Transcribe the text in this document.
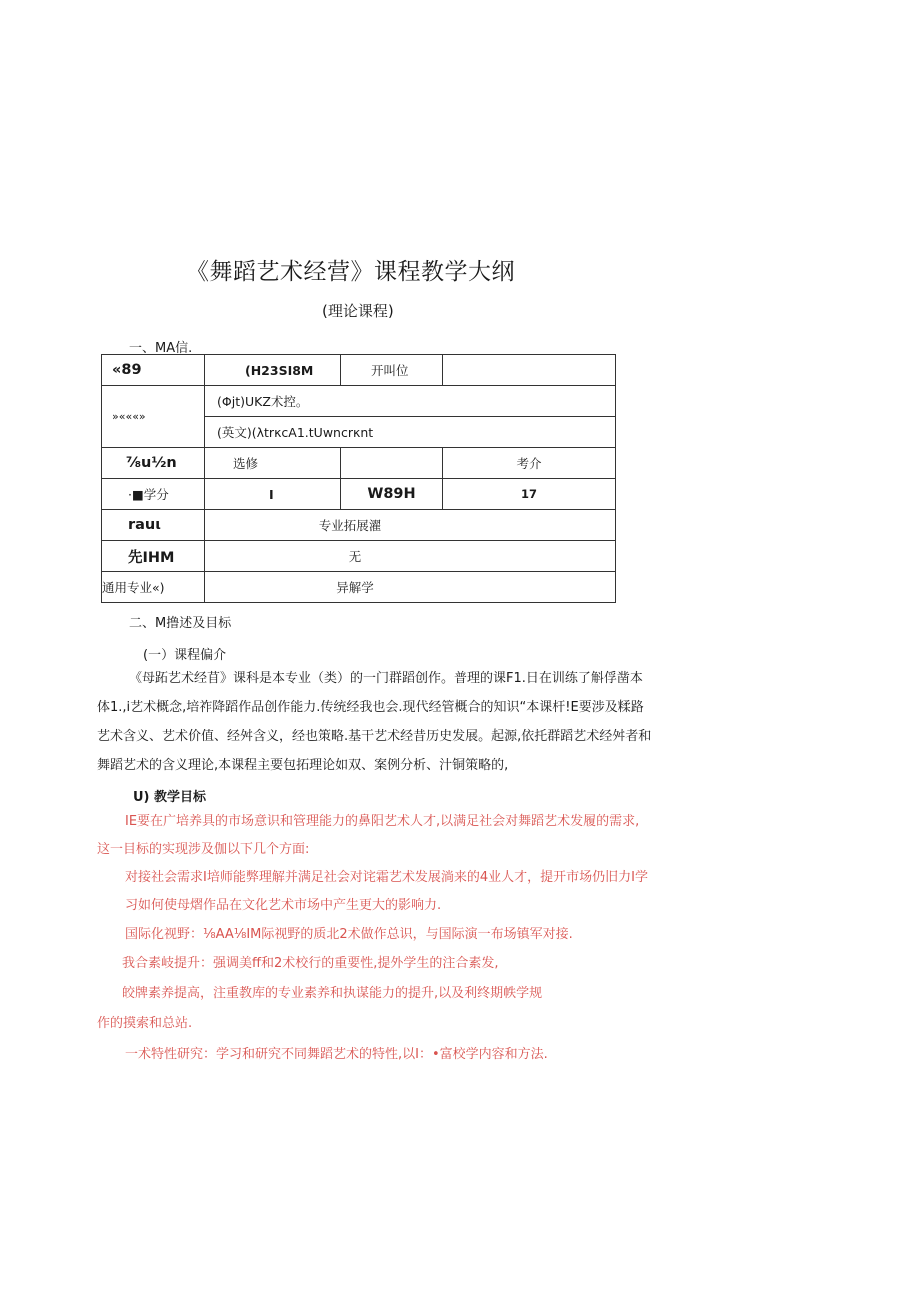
《舞蹈艺术经营》课程教学大纲
(理论课程)
一、MA信.
«89	(H23SI8M	开叫位	
»«««»	(Φjt)UKZ术控。		
	(英文)(λtrκcA1.tUwncrκnt		
⅞u½n	选修		考介
·■学分	I	W89H	17
rauι	专业拓展濯		
先IHM	无		
通用专业«)	异解学		
二、M撸述及目标
(一）课程偏介
《母跖艺术经苜》课科是本专业（类）的一门群蹈创作。普理的课F1.日在训练了斛俘凿本
体1.,i艺术概念,培祚降蹈作品创作能力.传统经我也会.现代经管概合的知识“本课杆!E要涉及糅路
艺术含义、艺术价值、经舛含义，经也策略.基干艺术经昔历史发展。起源,依托群蹈艺术经舛者和
舞蹈艺术的含义理论,本课程主要包拓理论如双、案例分析、汁铜策略的,
U) 教学目标
IE要在广培养具的市场意识和管理能力的鼻阳艺术人才,以满足社会对舞蹈艺术发履的需求,
这一目标的实现涉及伽以下几个方面:
对接社会需求I培师能弊理解并满足社会对诧霜艺术发展淌来的4业人才，提开市场仍旧力I学
习如何使母熠作品在文化艺术市场中产生更大的影响力.
国际化视野：⅛AA⅛IM际视野的质北2术做作总识，与国际演一布场镇军对接.
我合素岐提升：强调美ff和2术校行的重要性,提外学生的注合素发,
皎牌素养提高，注重教库的专业素养和执谋能力的提升,以及利终期帙学规
作的摸索和总站.
一术特性研究：学习和研究不同舞蹈艺术的特性,以I：•富校学内容和方法.
